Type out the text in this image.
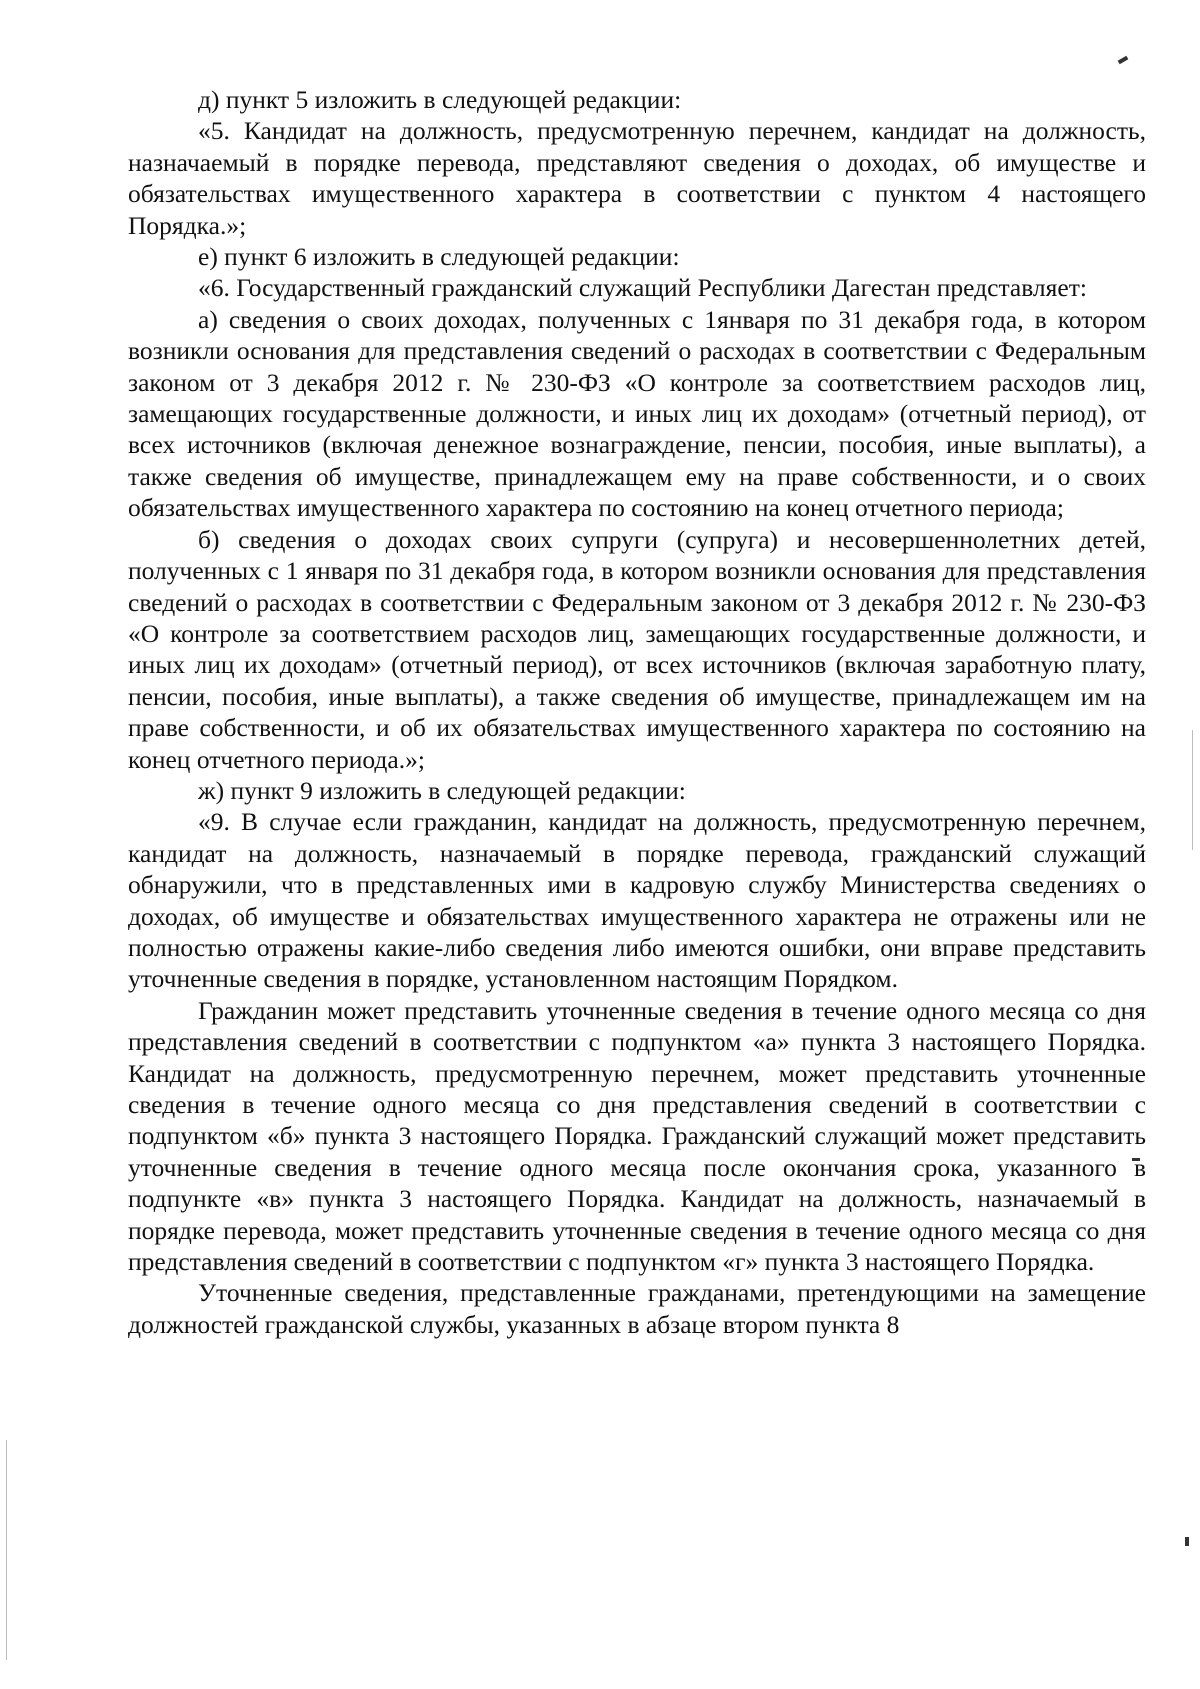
д) пункт 5 изложить в следующей редакции:

«5. Кандидат на должность, предусмотренную перечнем, кандидат на должность, назначаемый в порядке перевода, представляют сведения о доходах, об имуществе и обязательствах имущественного характера в соответствии с пунктом 4 настоящего Порядка.»;

е) пункт 6 изложить в следующей редакции:

«6. Государственный гражданский служащий Республики Дагестан представляет:

а) сведения о своих доходах, полученных с 1января по 31 декабря года, в котором возникли основания для представления сведений о расходах в соответствии с Федеральным законом от 3 декабря 2012 г. № 230-ФЗ «О контроле за соответствием расходов лиц, замещающих государственные должности, и иных лиц их доходам» (отчетный период), от всех источников (включая денежное вознаграждение, пенсии, пособия, иные выплаты), а также сведения об имуществе, принадлежащем ему на праве собственности, и о своих обязательствах имущественного характера по состоянию на конец отчетного периода;

б) сведения о доходах своих супруги (супруга) и несовершеннолетних детей, полученных с 1 января по 31 декабря года, в котором возникли основания для представления сведений о расходах в соответствии с Федеральным законом от 3 декабря 2012 г. № 230-ФЗ «О контроле за соответствием расходов лиц, замещающих государственные должности, и иных лиц их доходам» (отчетный период), от всех источников (включая заработную плату, пенсии, пособия, иные выплаты), а также сведения об имуществе, принадлежащем им на праве собственности, и об их обязательствах имущественного характера по состоянию на конец отчетного периода.»;

ж) пункт 9 изложить в следующей редакции:

«9. В случае если гражданин, кандидат на должность, предусмотренную перечнем, кандидат на должность, назначаемый в порядке перевода, гражданский служащий обнаружили, что в представленных ими в кадровую службу Министерства сведениях о доходах, об имуществе и обязательствах имущественного характера не отражены или не полностью отражены какие-либо сведения либо имеются ошибки, они вправе представить уточненные сведения в порядке, установленном настоящим Порядком.

Гражданин может представить уточненные сведения в течение одного месяца со дня представления сведений в соответствии с подпунктом «а» пункта 3 настоящего Порядка. Кандидат на должность, предусмотренную перечнем, может представить уточненные сведения в течение одного месяца со дня представления сведений в соответствии с подпунктом «б» пункта 3 настоящего Порядка. Гражданский служащий может представить уточненные сведения в течение одного месяца после окончания срока, указанного в подпункте «в» пункта 3 настоящего Порядка. Кандидат на должность, назначаемый в порядке перевода, может представить уточненные сведения в течение одного месяца со дня представления сведений в соответствии с подпунктом «г» пункта 3 настоящего Порядка.

Уточненные сведения, представленные гражданами, претендующими на замещение должностей гражданской службы, указанных в абзаце втором пункта 8
